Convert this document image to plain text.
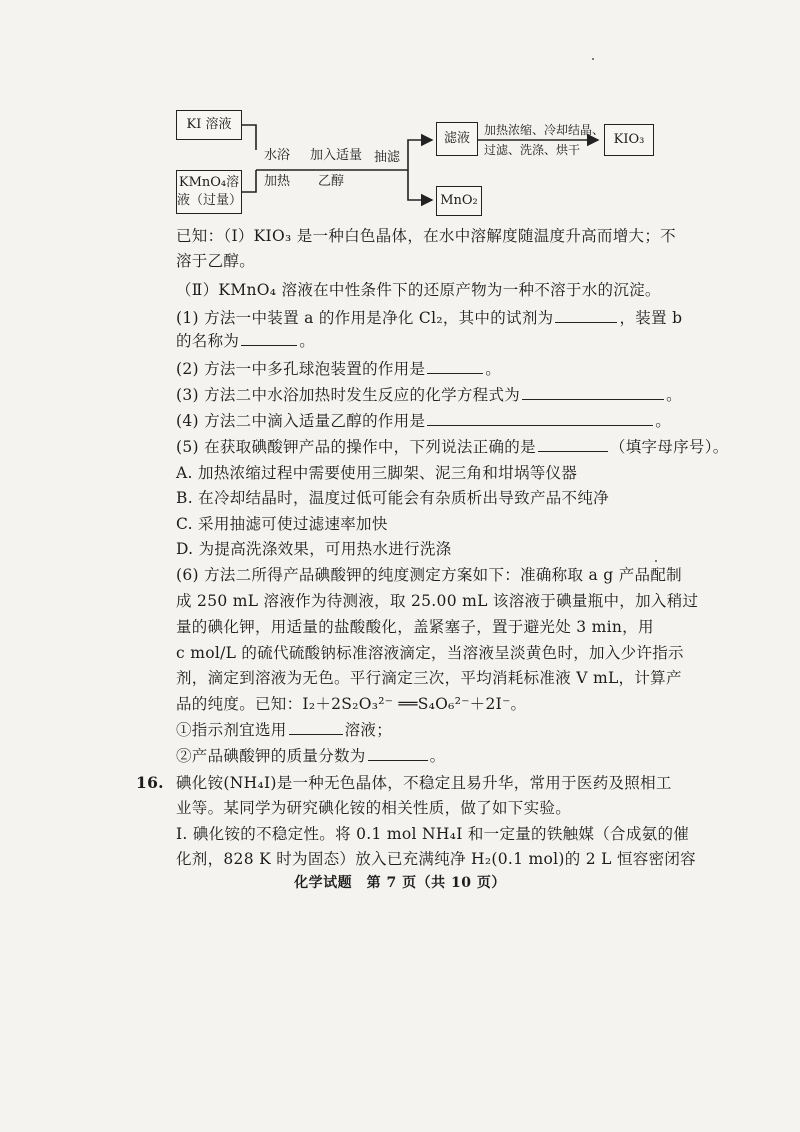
KI 溶液
KMnO₄溶
液（过量）
水浴
加热
加入适量
乙醇
抽滤
滤液
加热浓缩、冷却结晶、
过滤、洗涤、烘干
KIO₃
MnO₂
已知：（Ⅰ）KIO₃ 是一种白色晶体，在水中溶解度随温度升高而增大；不
溶于乙醇。
（Ⅱ）KMnO₄ 溶液在中性条件下的还原产物为一种不溶于水的沉淀。
(1) 方法一中装置 a 的作用是净化 Cl₂，其中的试剂为	，装置 b
的名称为	。
(2) 方法一中多孔球泡装置的作用是	。
(3) 方法二中水浴加热时发生反应的化学方程式为	。
(4) 方法二中滴入适量乙醇的作用是	。
(5) 在获取碘酸钾产品的操作中，下列说法正确的是	（填字母序号）。
A. 加热浓缩过程中需要使用三脚架、泥三角和坩埚等仪器
B. 在冷却结晶时，温度过低可能会有杂质析出导致产品不纯净
C. 采用抽滤可使过滤速率加快
D. 为提高洗涤效果，可用热水进行洗涤
(6) 方法二所得产品碘酸钾的纯度测定方案如下：准确称取 a g 产品配制
成 250 mL 溶液作为待测液，取 25.00 mL 该溶液于碘量瓶中，加入稍过
量的碘化钾，用适量的盐酸酸化，盖紧塞子，置于避光处 3 min，用
c mol/L 的硫代硫酸钠标准溶液滴定，当溶液呈淡黄色时，加入少许指示
剂，滴定到溶液为无色。平行滴定三次，平均消耗标准液 V mL，计算产
品的纯度。已知：I₂＋2S₂O₃²⁻ ══S₄O₆²⁻＋2I⁻。
①指示剂宜选用	溶液；
②产品碘酸钾的质量分数为	。
16. 碘化铵(NH₄I)是一种无色晶体，不稳定且易升华，常用于医药及照相工
业等。某同学为研究碘化铵的相关性质，做了如下实验。
Ⅰ. 碘化铵的不稳定性。将 0.1 mol NH₄I 和一定量的铁触媒（合成氨的催
化剂，828 K 时为固态）放入已充满纯净 H₂(0.1 mol)的 2 L 恒容密闭容
化学试题　第 7 页（共 10 页）
